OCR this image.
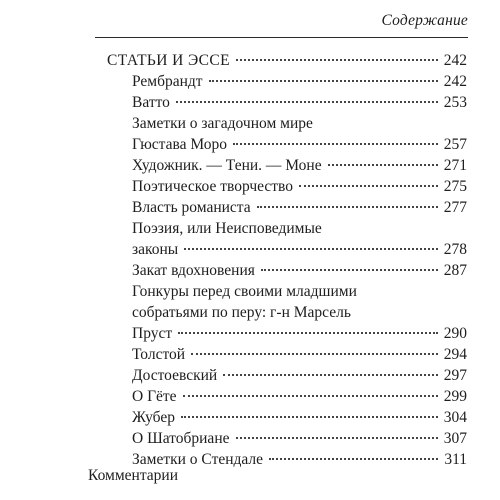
Содержание
СТАТЬИ И ЭССЕ	242
Рембрандт	242
Ватто	253
Заметки о загадочном мире
Гюстава Моро	257
Художник. — Тени. — Моне	271
Поэтическое творчество	275
Власть романиста	277
Поэзия, или Неисповедимые
законы	278
Закат вдохновения	287
Гонкуры перед своими младшими
собратьями по перу: г-н Марсель
Пруст	290
Толстой	294
Достоевский	297
О Гёте	299
Жубер	304
О Шатобриане	307
Заметки о Стендале	311
Комментарии
